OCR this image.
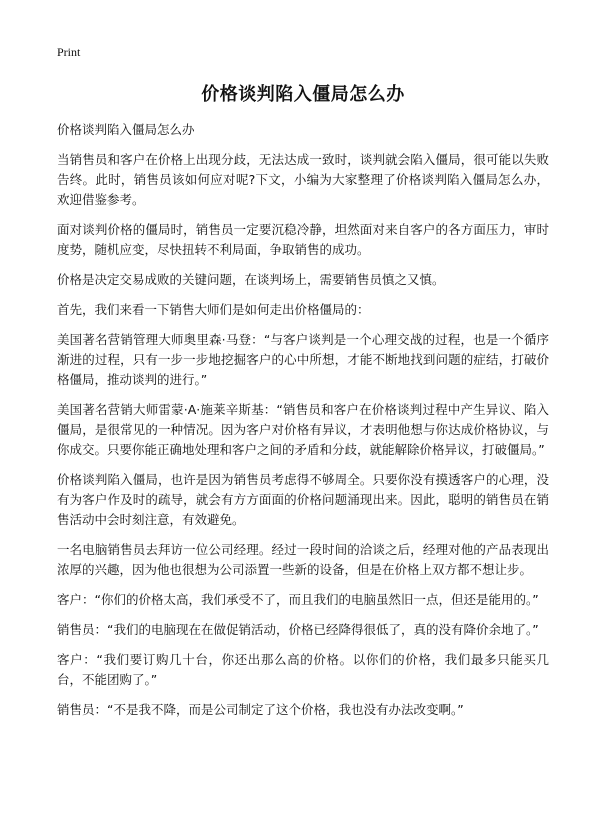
Print
价格谈判陷入僵局怎么办

价格谈判陷入僵局怎么办

当销售员和客户在价格上出现分歧，无法达成一致时，谈判就会陷入僵局，很可能以失败告终。此时，销售员该如何应对呢?下文，小编为大家整理了价格谈判陷入僵局怎么办，欢迎借鉴参考。

面对谈判价格的僵局时，销售员一定要沉稳冷静，坦然面对来自客户的各方面压力，审时度势，随机应变，尽快扭转不利局面，争取销售的成功。

价格是决定交易成败的关键问题，在谈判场上，需要销售员慎之又慎。

首先，我们来看一下销售大师们是如何走出价格僵局的：

美国著名营销管理大师奥里森·马登：“与客户谈判是一个心理交战的过程，也是一个循序渐进的过程，只有一步一步地挖掘客户的心中所想，才能不断地找到问题的症结，打破价格僵局，推动谈判的进行。”

美国著名营销大师雷蒙·A·施莱辛斯基：“销售员和客户在价格谈判过程中产生异议、陷入僵局，是很常见的一种情况。因为客户对价格有异议，才表明他想与你达成价格协议，与你成交。只要你能正确地处理和客户之间的矛盾和分歧，就能解除价格异议，打破僵局。”

价格谈判陷入僵局，也许是因为销售员考虑得不够周全。只要你没有摸透客户的心理，没有为客户作及时的疏导，就会有方方面面的价格问题涌现出来。因此，聪明的销售员在销售活动中会时刻注意，有效避免。

一名电脑销售员去拜访一位公司经理。经过一段时间的洽谈之后，经理对他的产品表现出浓厚的兴趣，因为他也很想为公司添置一些新的设备，但是在价格上双方都不想让步。

客户：“你们的价格太高，我们承受不了，而且我们的电脑虽然旧一点，但还是能用的。”

销售员：“我们的电脑现在在做促销活动，价格已经降得很低了，真的没有降价余地了。”

客户：“我们要订购几十台，你还出那么高的价格。以你们的价格，我们最多只能买几台，不能团购了。”

销售员：“不是我不降，而是公司制定了这个价格，我也没有办法改变啊。”
